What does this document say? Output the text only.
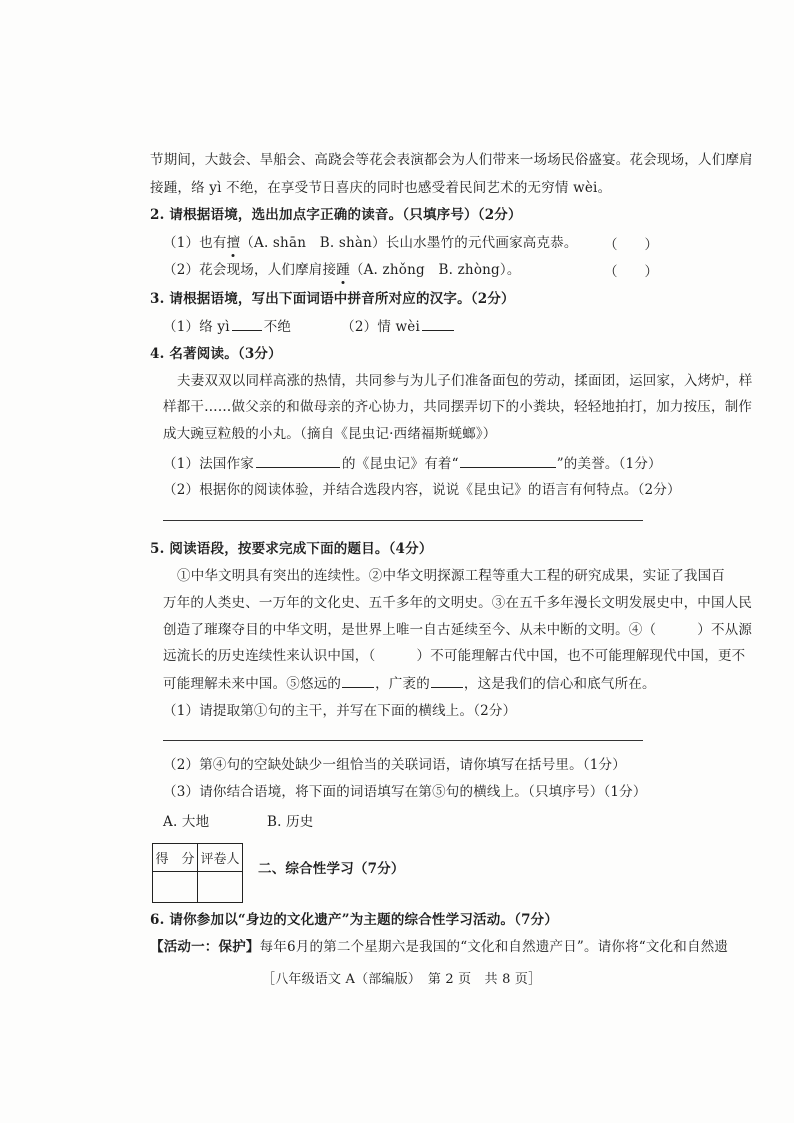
节期间，大鼓会、旱船会、高跷会等花会表演都会为人们带来一场场民俗盛宴。花会现场，人们摩肩
接踵，络 yì 不绝，在享受节日喜庆的同时也感受着民间艺术的无穷情 wèi。
2. 请根据语境，选出加点字正确的读音。（只填序号）（2分）
（1）也有擅（A. shān　B. shàn）长山水墨竹的元代画家高克恭。 （　　）
（2）花会现场，人们摩肩接踵（A. zhǒng　B. zhòng）。	（　　）
3. 请根据语境，写出下面词语中拼音所对应的汉字。（2分）
（1）络 yì	不绝	（2）情 wèi
4. 名著阅读。（3分）
夫妻双双以同样高涨的热情，共同参与为儿子们准备面包的劳动，揉面团，运回家，入烤炉，样
样都干……做父亲的和做母亲的齐心协力，共同摆弄切下的小粪块，轻轻地拍打，加力按压，制作
成大豌豆粒般的小丸。（摘自《昆虫记·西绪福斯蜣螂》）
（1）法国作家	的《昆虫记》有着“	”的美誉。（1分）
（2）根据你的阅读体验，并结合选段内容，说说《昆虫记》的语言有何特点。（2分）
5. 阅读语段，按要求完成下面的题目。（4分）
①中华文明具有突出的连续性。②中华文明探源工程等重大工程的研究成果，实证了我国百
万年的人类史、一万年的文化史、五千多年的文明史。③在五千多年漫长文明发展史中，中国人民
创造了璀璨夺目的中华文明，是世界上唯一自古延续至今、从未中断的文明。④（　　　）不从源
远流长的历史连续性来认识中国，（　　　）不可能理解古代中国，也不可能理解现代中国，更不
可能理解未来中国。⑤悠远的	，广袤的	，这是我们的信心和底气所在。
（1）请提取第①句的主干，并写在下面的横线上。（2分）
（2）第④句的空缺处缺少一组恰当的关联词语，请你填写在括号里。（1分）
（3）请你结合语境，将下面的词语填写在第⑤句的横线上。（只填序号）（1分）
A. 大地	B. 历史
得　分	评卷人

二、综合性学习（7分）
6. 请你参加以“身边的文化遗产”为主题的综合性学习活动。（7分）
【活动一：保护】每年6月的第二个星期六是我国的“文化和自然遗产日”。请你将“文化和自然遗
［八年级语文 A（部编版）　第 2 页　共 8 页］
